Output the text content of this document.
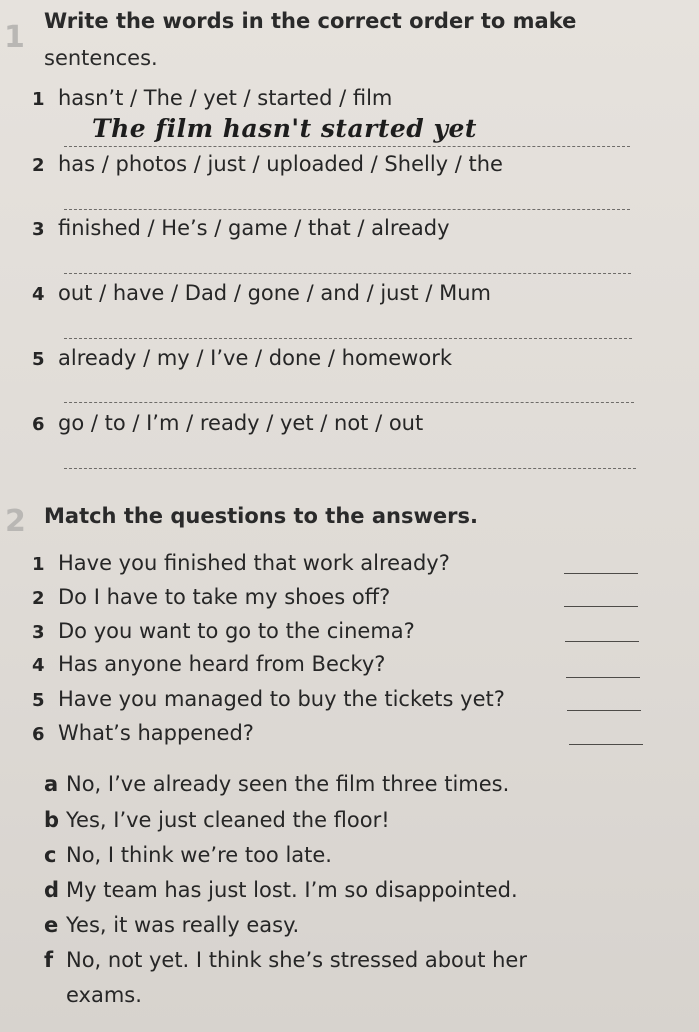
1 Write the words in the correct order to make
sentences.
1 hasn’t / The / yet / started / film
The film hasn't started yet
2 has / photos / just / uploaded / Shelly / the
3 finished / He’s / game / that / already
4 out / have / Dad / gone / and / just / Mum
5 already / my / I’ve / done / homework
6 go / to / I’m / ready / yet / not / out
2 Match the questions to the answers.
1 Have you finished that work already?
2 Do I have to take my shoes off?
3 Do you want to go to the cinema?
4 Has anyone heard from Becky?
5 Have you managed to buy the tickets yet?
6 What’s happened?
a No, I’ve already seen the film three times.
b Yes, I’ve just cleaned the floor!
c No, I think we’re too late.
d My team has just lost. I’m so disappointed.
e Yes, it was really easy.
f No, not yet. I think she’s stressed about her
exams.
